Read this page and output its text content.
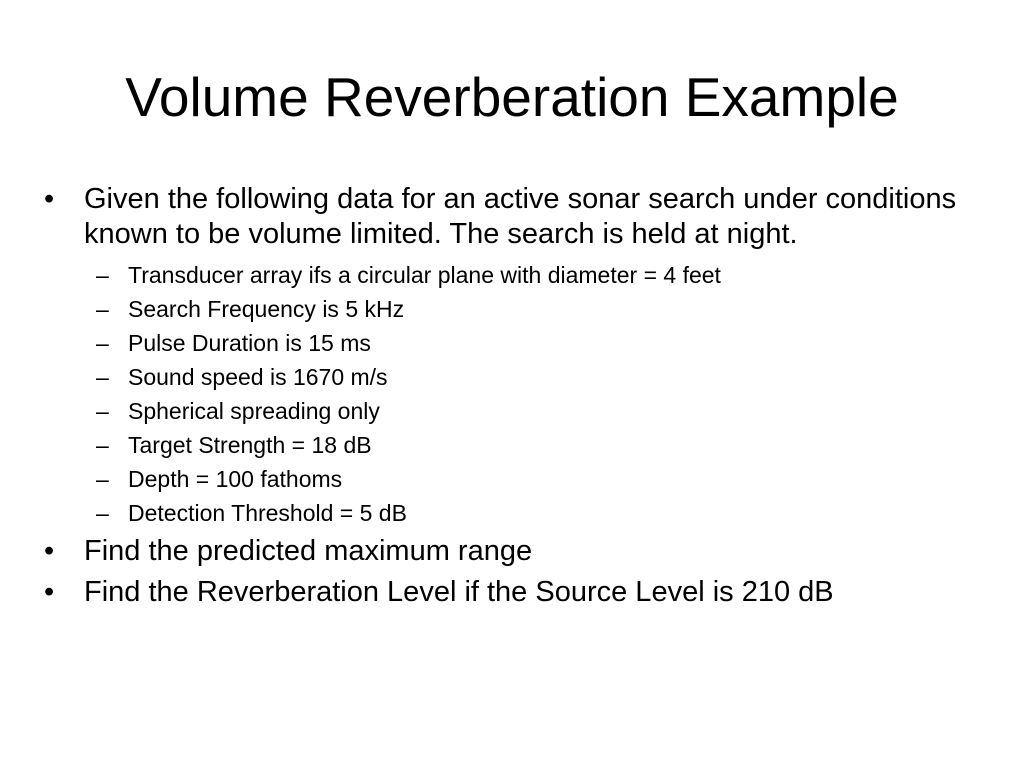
Volume Reverberation Example
•	Given the following data for an active sonar search under conditions known to be volume limited. The search is held at night.
– Transducer array ifs a circular plane with diameter = 4 feet
– Search Frequency is 5 kHz
– Pulse Duration is 15 ms
– Sound speed is 1670 m/s
– Spherical spreading only
– Target Strength = 18 dB
– Depth = 100 fathoms
– Detection Threshold = 5 dB
•	Find the predicted maximum range
•	Find the Reverberation Level if the Source Level is 210 dB
